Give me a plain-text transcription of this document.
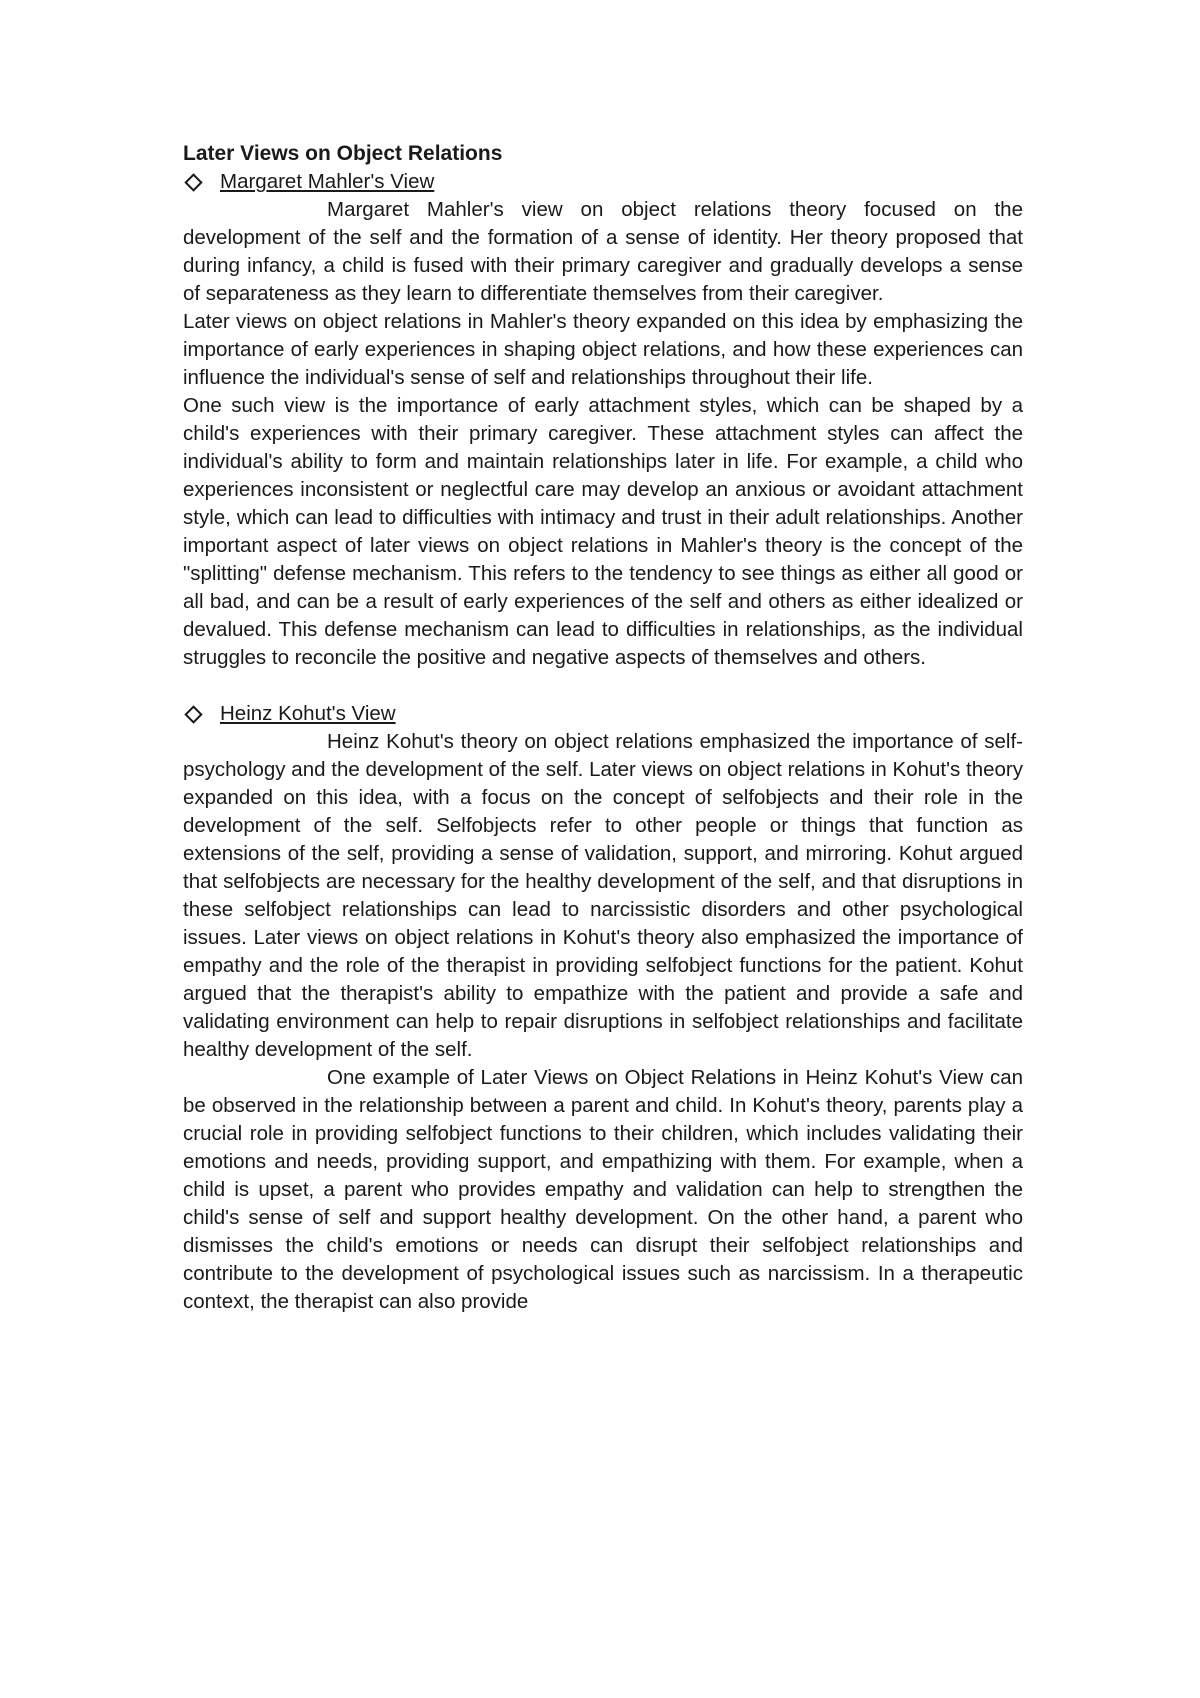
Later Views on Object Relations
Margaret Mahler's View

Margaret Mahler's view on object relations theory focused on the development of the self and the formation of a sense of identity. Her theory proposed that during infancy, a child is fused with their primary caregiver and gradually develops a sense of separateness as they learn to differentiate themselves from their caregiver.

Later views on object relations in Mahler's theory expanded on this idea by emphasizing the importance of early experiences in shaping object relations, and how these experiences can influence the individual's sense of self and relationships throughout their life.

One such view is the importance of early attachment styles, which can be shaped by a child's experiences with their primary caregiver. These attachment styles can affect the individual's ability to form and maintain relationships later in life. For example, a child who experiences inconsistent or neglectful care may develop an anxious or avoidant attachment style, which can lead to difficulties with intimacy and trust in their adult relationships. Another important aspect of later views on object relations in Mahler's theory is the concept of the "splitting" defense mechanism. This refers to the tendency to see things as either all good or all bad, and can be a result of early experiences of the self and others as either idealized or devalued. This defense mechanism can lead to difficulties in relationships, as the individual struggles to reconcile the positive and negative aspects of themselves and others.

Heinz Kohut's View

Heinz Kohut's theory on object relations emphasized the importance of self-psychology and the development of the self. Later views on object relations in Kohut's theory expanded on this idea, with a focus on the concept of selfobjects and their role in the development of the self. Selfobjects refer to other people or things that function as extensions of the self, providing a sense of validation, support, and mirroring. Kohut argued that selfobjects are necessary for the healthy development of the self, and that disruptions in these selfobject relationships can lead to narcissistic disorders and other psychological issues. Later views on object relations in Kohut's theory also emphasized the importance of empathy and the role of the therapist in providing selfobject functions for the patient. Kohut argued that the therapist's ability to empathize with the patient and provide a safe and validating environment can help to repair disruptions in selfobject relationships and facilitate healthy development of the self.

One example of Later Views on Object Relations in Heinz Kohut's View can be observed in the relationship between a parent and child. In Kohut's theory, parents play a crucial role in providing selfobject functions to their children, which includes validating their emotions and needs, providing support, and empathizing with them. For example, when a child is upset, a parent who provides empathy and validation can help to strengthen the child's sense of self and support healthy development. On the other hand, a parent who dismisses the child's emotions or needs can disrupt their selfobject relationships and contribute to the development of psychological issues such as narcissism. In a therapeutic context, the therapist can also provide
